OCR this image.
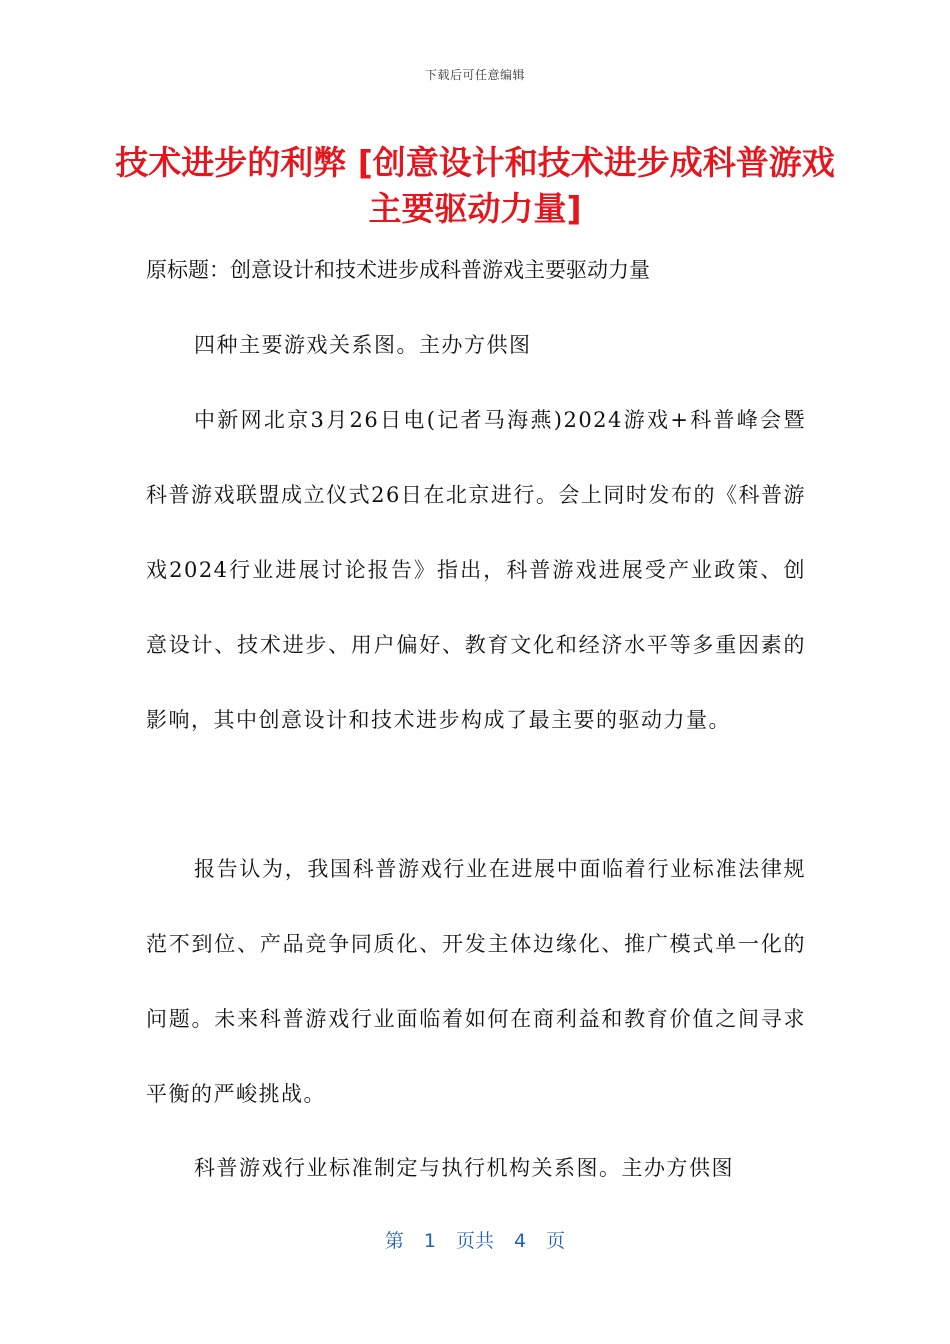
下载后可任意编辑
技术进步的利弊 [创意设计和技术进步成科普游戏主要驱动力量]

原标题：创意设计和技术进步成科普游戏主要驱动力量

四种主要游戏关系图。主办方供图

中新网北京3月26日电(记者马海燕)2024游戏+科普峰会暨科普游戏联盟成立仪式26日在北京进行。会上同时发布的《科普游戏2024行业进展讨论报告》指出，科普游戏进展受产业政策、创意设计、技术进步、用户偏好、教育文化和经济水平等多重因素的影响，其中创意设计和技术进步构成了最主要的驱动力量。

报告认为，我国科普游戏行业在进展中面临着行业标准法律规范不到位、产品竞争同质化、开发主体边缘化、推广模式单一化的问题。未来科普游戏行业面临着如何在商利益和教育价值之间寻求平衡的严峻挑战。

科普游戏行业标准制定与执行机构关系图。主办方供图

第 1 页共 4 页
